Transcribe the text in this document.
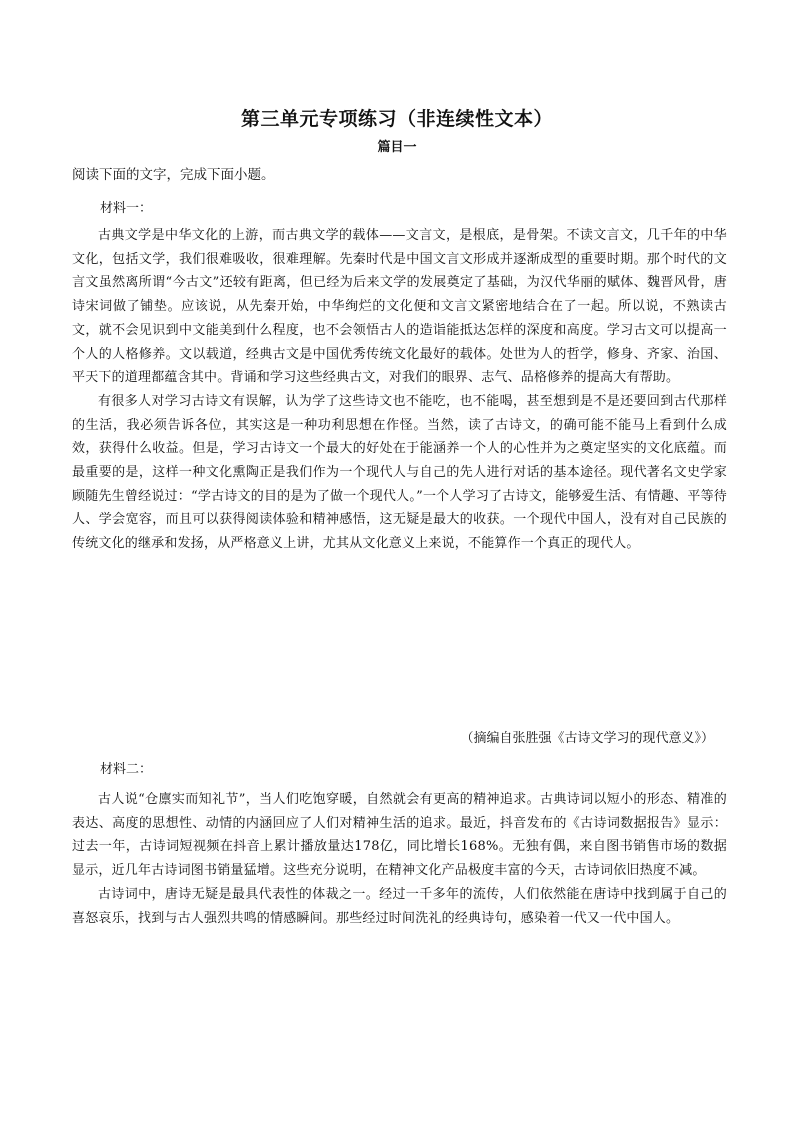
第三单元专项练习（非连续性文本）
篇目一
阅读下面的文字，完成下面小题。
材料一：

古典文学是中华文化的上游，而古典文学的载体——文言文，是根底，是骨架。不读文言文，几千年的中华文化，包括文学，我们很难吸收，很难理解。先秦时代是中国文言文形成并逐渐成型的重要时期。那个时代的文言文虽然离所谓“今古文”还较有距离，但已经为后来文学的发展奠定了基础，为汉代华丽的赋体、魏晋风骨，唐诗宋词做了铺垫。应该说，从先秦开始，中华绚烂的文化便和文言文紧密地结合在了一起。所以说，不熟读古文，就不会见识到中文能美到什么程度，也不会领悟古人的造诣能抵达怎样的深度和高度。学习古文可以提高一个人的人格修养。文以载道，经典古文是中国优秀传统文化最好的载体。处世为人的哲学，修身、齐家、治国、平天下的道理都蕴含其中。背诵和学习这些经典古文，对我们的眼界、志气、品格修养的提高大有帮助。

有很多人对学习古诗文有误解，认为学了这些诗文也不能吃，也不能喝，甚至想到是不是还要回到古代那样的生活，我必须告诉各位，其实这是一种功利思想在作怪。当然，读了古诗文，的确可能不能马上看到什么成效，获得什么收益。但是，学习古诗文一个最大的好处在于能涵养一个人的心性并为之奠定坚实的文化底蕴。而最重要的是，这样一种文化熏陶正是我们作为一个现代人与自己的先人进行对话的基本途径。现代著名文史学家顾随先生曾经说过：“学古诗文的目的是为了做一个现代人。”一个人学习了古诗文，能够爱生活、有情趣、平等待人、学会宽容，而且可以获得阅读体验和精神感悟，这无疑是最大的收获。一个现代中国人，没有对自己民族的传统文化的继承和发扬，从严格意义上讲，尤其从文化意义上来说，不能算作一个真正的现代人。

（摘编自张胜强《古诗文学习的现代意义》）
材料二：

古人说“仓廪实而知礼节”，当人们吃饱穿暖，自然就会有更高的精神追求。古典诗词以短小的形态、精准的表达、高度的思想性、动情的内涵回应了人们对精神生活的追求。最近，抖音发布的《古诗词数据报告》显示：过去一年，古诗词短视频在抖音上累计播放量达178亿，同比增长168%。无独有偶，来自图书销售市场的数据显示，近几年古诗词图书销量猛增。这些充分说明，在精神文化产品极度丰富的今天，古诗词依旧热度不减。

古诗词中，唐诗无疑是最具代表性的体裁之一。经过一千多年的流传，人们依然能在唐诗中找到属于自己的喜怒哀乐，找到与古人强烈共鸣的情感瞬间。那些经过时间洗礼的经典诗句，感染着一代又一代中国人。
